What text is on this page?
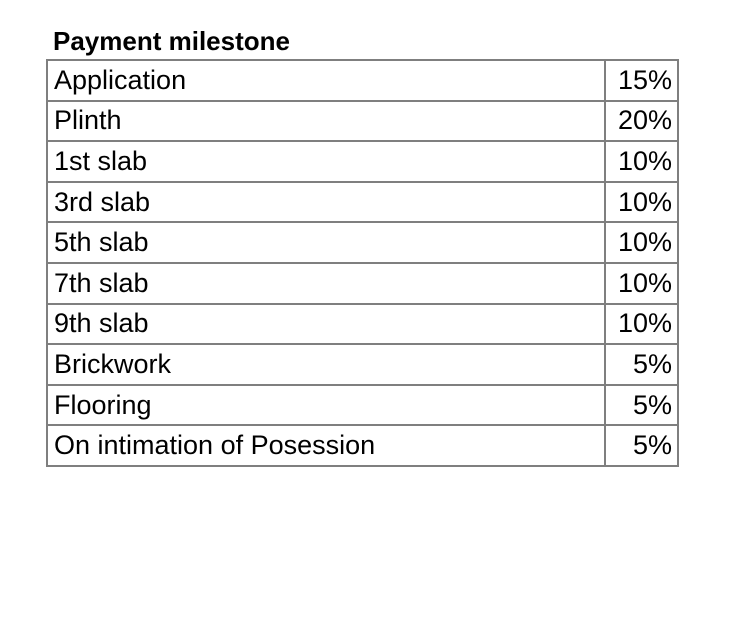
Payment milestone
Application	15%
Plinth	20%
1st slab	10%
3rd slab	10%
5th slab	10%
7th slab	10%
9th slab	10%
Brickwork	5%
Flooring	5%
On intimation of Posession	5%
